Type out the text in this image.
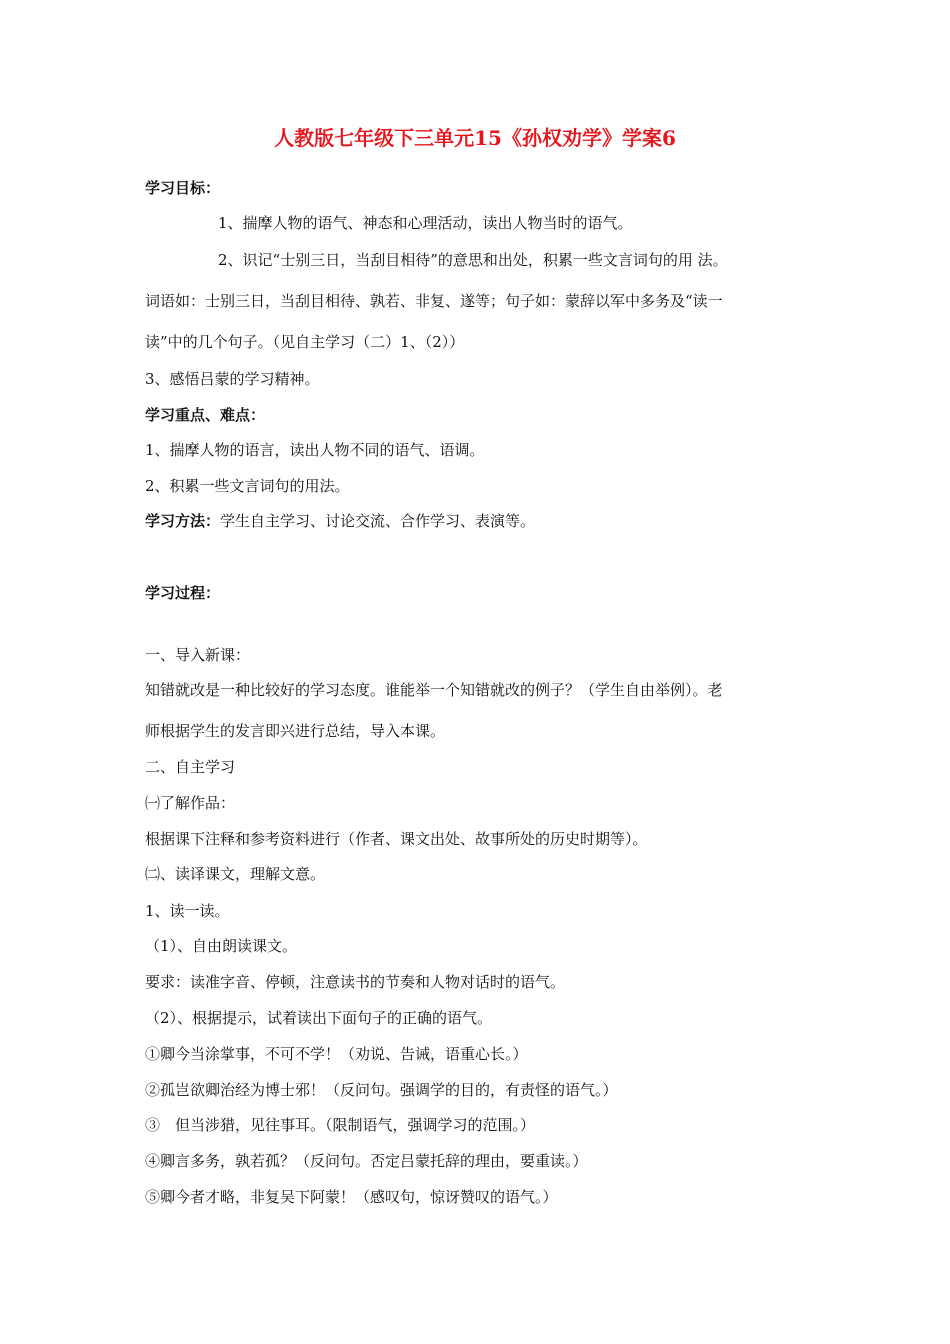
人教版七年级下三单元15《孙权劝学》学案6
学习目标：
1、揣摩人物的语气、神态和心理活动，读出人物当时的语气。
2、识记“士别三日，当刮目相待”的意思和出处，积累一些文言词句的用 法。
词语如：士别三日，当刮目相待、孰若、非复、遂等；句子如：蒙辞以军中多务及“读一
读”中的几个句子。（见自主学习（二）1、（2））
3、感悟吕蒙的学习精神。
学习重点、难点：
1、揣摩人物的语言，读出人物不同的语气、语调。
2、积累一些文言词句的用法。
学习方法：学生自主学习、讨论交流、合作学习、表演等。
学习过程：
一、导入新课：
知错就改是一种比较好的学习态度。谁能举一个知错就改的例子？（学生自由举例）。老
师根据学生的发言即兴进行总结，导入本课。
二、自主学习
㈠了解作品：
根据课下注释和参考资料进行（作者、课文出处、故事所处的历史时期等）。
㈡、读译课文，理解文意。
1、读一读。
（1）、自由朗读课文。
要求：读准字音、停顿，注意读书的节奏和人物对话时的语气。
（2）、根据提示，试着读出下面句子的正确的语气。
①卿今当涂掌事，不可不学！（劝说、告诫，语重心长。）
②孤岂欲卿治经为博士邪！（反问句。强调学的目的，有责怪的语气。）
③　但当涉猎，见往事耳。（限制语气，强调学习的范围。）
④卿言多务，孰若孤？（反问句。否定吕蒙托辞的理由，要重读。）
⑤卿今者才略，非复吴下阿蒙！（感叹句，惊讶赞叹的语气。）
